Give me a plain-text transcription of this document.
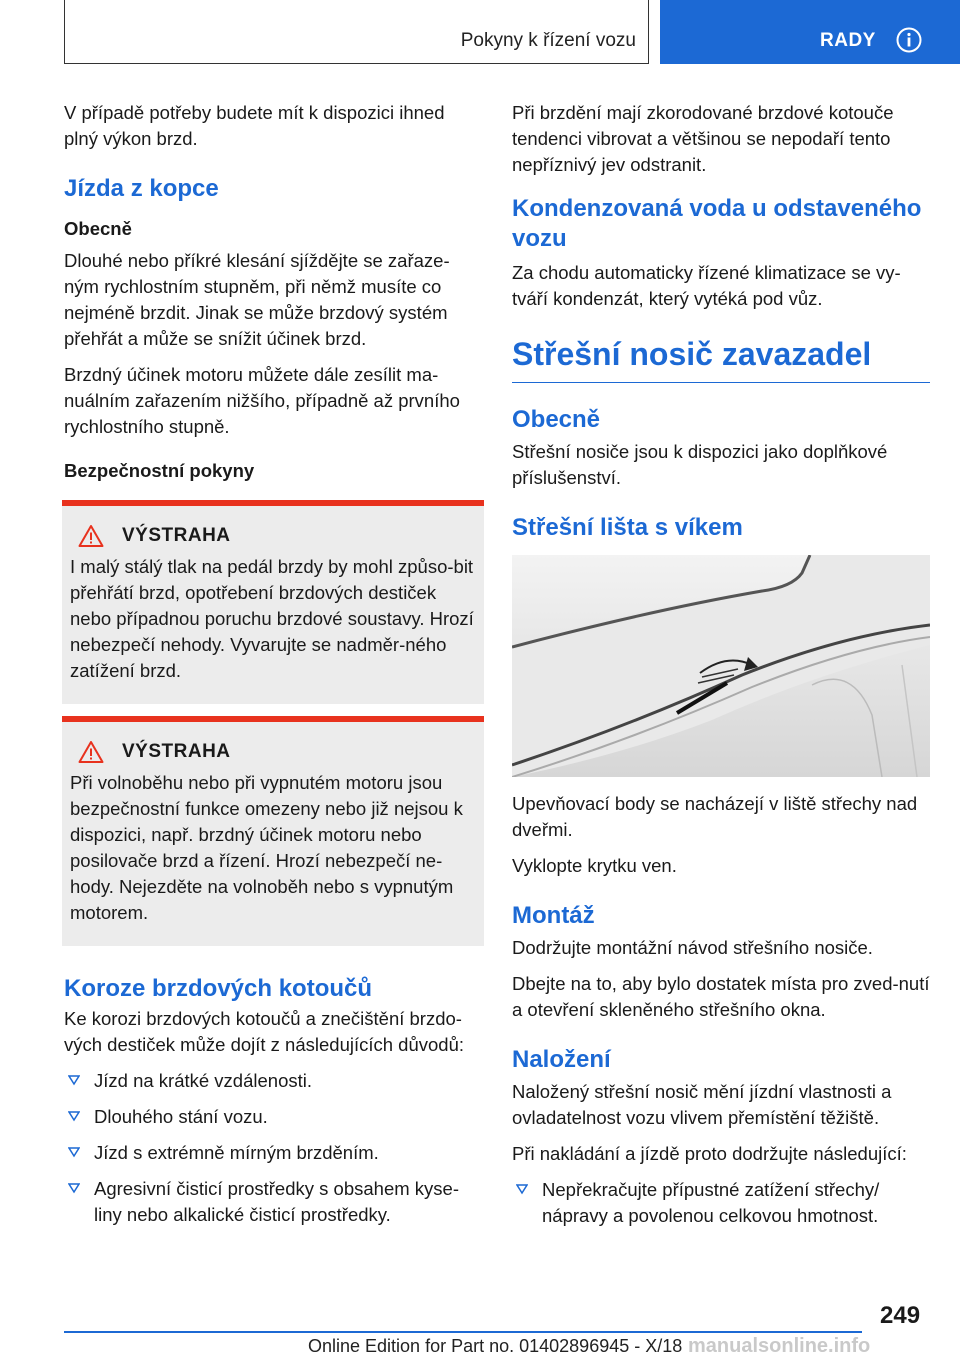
Pokyny k řízení vozu	RADY

V případě potřeby budete mít k dispozici ihned plný výkon brzd.

Jízda z kopce
Obecně

Dlouhé nebo příkré klesání sjíždějte se zařaze-ným rychlostním stupněm, při němž musíte co nejméně brzdit. Jinak se může brzdový systém přehřát a může se snížit účinek brzd.

Brzdný účinek motoru můžete dále zesílit ma-nuálním zařazením nižšího, případně až prvního rychlostního stupně.

Bezpečnostní pokyny
VÝSTRAHA

I malý stálý tlak na pedál brzdy by mohl způso-bit přehřátí brzd, opotřebení brzdových destiček nebo případnou poruchu brzdové soustavy. Hrozí nebezpečí nehody. Vyvarujte se nadměr-ného zatížení brzd.

VÝSTRAHA

Při volnoběhu nebo při vypnutém motoru jsou bezpečnostní funkce omezeny nebo již nejsou k dispozici, např. brzdný účinek motoru nebo posilovače brzd a řízení. Hrozí nebezpečí ne-hody. Nejezděte na volnoběh nebo s vypnutým motorem.

Koroze brzdových kotoučů

Ke korozi brzdových kotoučů a znečištění brzdo-vých destiček může dojít z následujících důvodů:

Jízd na krátké vzdálenosti.
Dlouhého stání vozu.
Jízd s extrémně mírným brzděním.
Agresivní čisticí prostředky s obsahem kyse-liny nebo alkalické čisticí prostředky.

Při brzdění mají zkorodované brzdové kotouče tendenci vibrovat a většinou se nepodaří tento nepříznivý jev odstranit.

Kondenzovaná voda u odstaveného vozu

Za chodu automaticky řízené klimatizace se vy-tváří kondenzát, který vytéká pod vůz.

Střešní nosič zavazadel
Obecně

Střešní nosiče jsou k dispozici jako doplňkové příslušenství.

Střešní lišta s víkem

Upevňovací body se nacházejí v liště střechy nad dveřmi.

Vyklopte krytku ven.

Montáž

Dodržujte montážní návod střešního nosiče.

Dbejte na to, aby bylo dostatek místa pro zved-nutí a otevření skleněného střešního okna.

Naložení

Naložený střešní nosič mění jízdní vlastnosti a ovladatelnost vozu vlivem přemístění těžiště.

Při nakládání a jízdě proto dodržujte následující:

Nepřekračujte přípustné zatížení střechy/ nápravy a povolenou celkovou hmotnost.
249
Online Edition for Part no. 01402896945 - X/18 manualsonline.info
